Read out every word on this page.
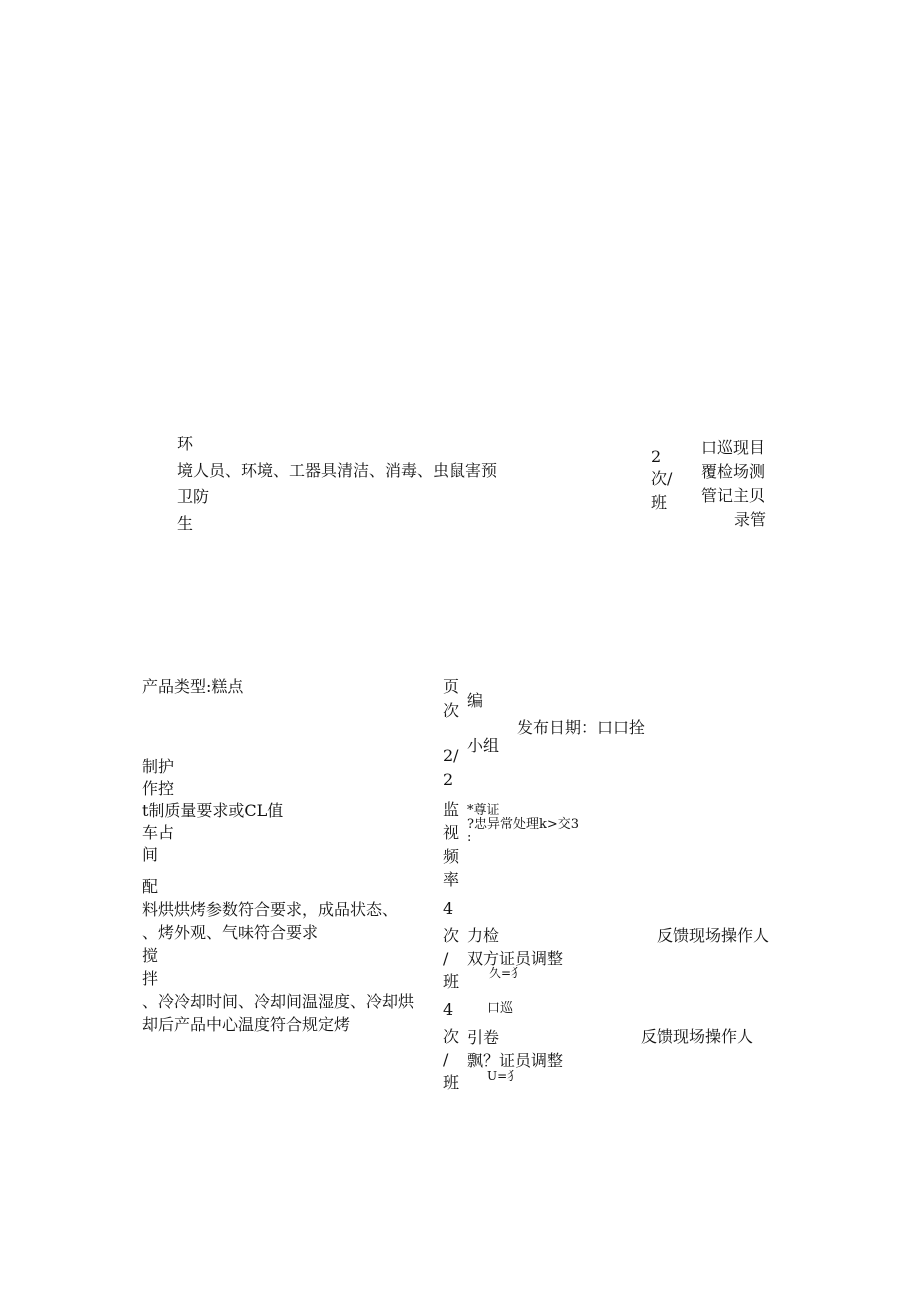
环
境人员、环境、工器具清洁、消毒、虫鼠害预
卫防
生
2
次/
班
口巡现目
覆检场测
管记主贝
录管
产品类型:糕点	页
次
编
发布日期：口口拴
2/
2
小组
制护
作控
t制质量要求或CL值
车占
间
配
料烘烘烤参数符合要求，成品状态、
、烤外观、气味符合要求
搅
拌
、冷冷却时间、冷却间温湿度、冷却烘
却后产品中心温度符合规定烤
监
视
频
率
*尊证
?忠异常处理k>交3
:
4
次
/
班
力检
双方证员调整
久=犭
反馈现场操作人
4
次
/
班
口巡
引卷
飘？证员调整
U=犭
反馈现场操作人
